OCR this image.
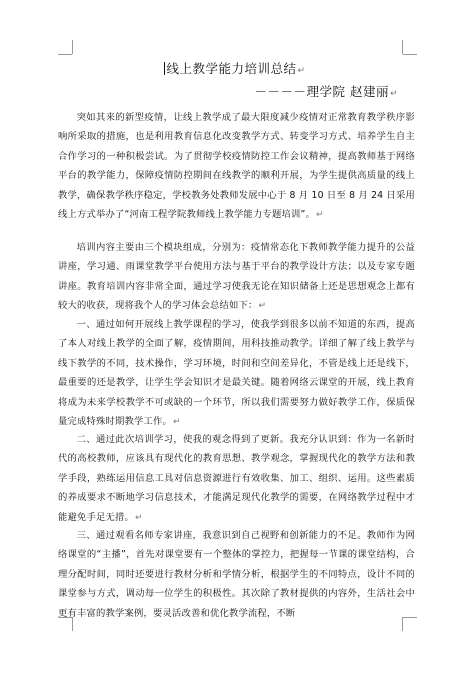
线上教学能力培训总结↵
－－－－理学院 赵建丽↵

突如其来的新型疫情，让线上教学成了最大限度减少疫情对正常教育教学秩序影响所采取的措施，也是利用教育信息化改变教学方式、转变学习方式、培养学生自主合作学习的一种积极尝试。为了贯彻学校疫情防控工作会议精神，提高教师基于网络平台的教学能力，保障疫情防控期间在线教学的顺利开展，为学生提供高质量的线上教学，确保教学秩序稳定，学校教务处教师发展中心于 8 月 10 日至 8 月 24 日采用线上方式举办了“河南工程学院教师线上教学能力专题培训”。↵

培训内容主要由三个模块组成，分别为：疫情常态化下教师教学能力提升的公益讲座，学习通、雨课堂教学平台使用方法与基于平台的教学设计方法；以及专家专题讲座。教育培训内容非常全面，通过学习使我无论在知识储备上还是思想观念上都有较大的收获，现将我个人的学习体会总结如下：↵

一、通过如何开展线上教学课程的学习，使我学到很多以前不知道的东西，提高了本人对线上教学的全面了解，疫情期间，用科技推动教学。详细了解了线上教学与线下教学的不同，技术操作，学习环境，时间和空间差异化，不管是线上还是线下，最重要的还是教学，让学生学会知识才是最关键。随着网络云课堂的开展，线上教育将成为未来学校教学不可或缺的一个环节，所以我们需要努力做好教学工作，保质保量完成特殊时期教学工作。↵

二、通过此次培训学习，使我的观念得到了更新。我充分认识到：作为一名新时代的高校教师，应该具有现代化的教育思想、教学观念，掌握现代化的教学方法和教学手段，熟练运用信息工具对信息资源进行有效收集、加工、组织、运用。这些素质的养成要求不断地学习信息技术，才能满足现代化教学的需要，在网络教学过程中才能避免手足无措。↵

三、通过观看名师专家讲座，我意识到自己视野和创新能力的不足。教师作为网络课堂的“主播”，首先对课堂要有一个整体的掌控力，把握每一节课的课堂结构，合理分配时间，同时还要进行教材分析和学情分析，根据学生的不同特点，设计不同的课堂参与方式，调动每一位学生的积极性。其次除了教材提供的内容外，生活社会中更有丰富的教学案例，要灵活改善和优化教学流程，不断
